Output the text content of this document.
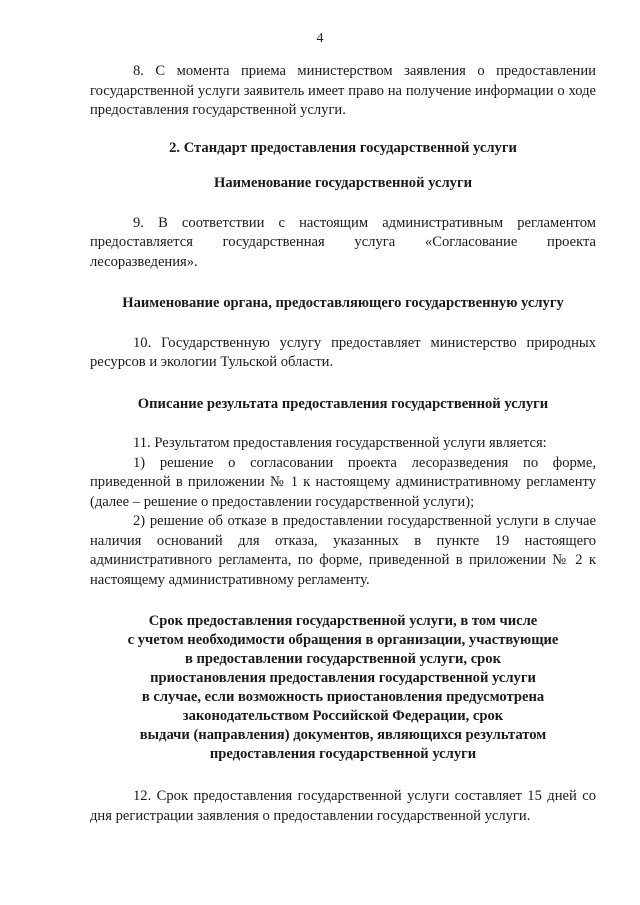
4

8. С момента приема министерством заявления о предоставлении государственной услуги заявитель имеет право на получение информации о ходе предоставления государственной услуги.

2. Стандарт предоставления государственной услуги
Наименование государственной услуги

9. В соответствии с настоящим административным регламентом предоставляется государственная услуга «Согласование проекта лесоразведения».

Наименование органа, предоставляющего государственную услугу

10. Государственную услугу предоставляет министерство природных ресурсов и экологии Тульской области.

Описание результата предоставления государственной услуги

11. Результатом предоставления государственной услуги является:

1) решение о согласовании проекта лесоразведения по форме, приведенной в приложении № 1 к настоящему административному регламенту (далее – решение о предоставлении государственной услуги);

2) решение об отказе в предоставлении государственной услуги в случае наличия оснований для отказа, указанных в пункте 19 настоящего административного регламента, по форме, приведенной в приложении № 2 к настоящему административному регламенту.

Срок предоставления государственной услуги, в том числе
с учетом необходимости обращения в организации, участвующие
в предоставлении государственной услуги, срок
приостановления предоставления государственной услуги
в случае, если возможность приостановления предусмотрена
законодательством Российской Федерации, срок
выдачи (направления) документов, являющихся результатом
предоставления государственной услуги

12. Срок предоставления государственной услуги составляет 15 дней со дня регистрации заявления о предоставлении государственной услуги.
